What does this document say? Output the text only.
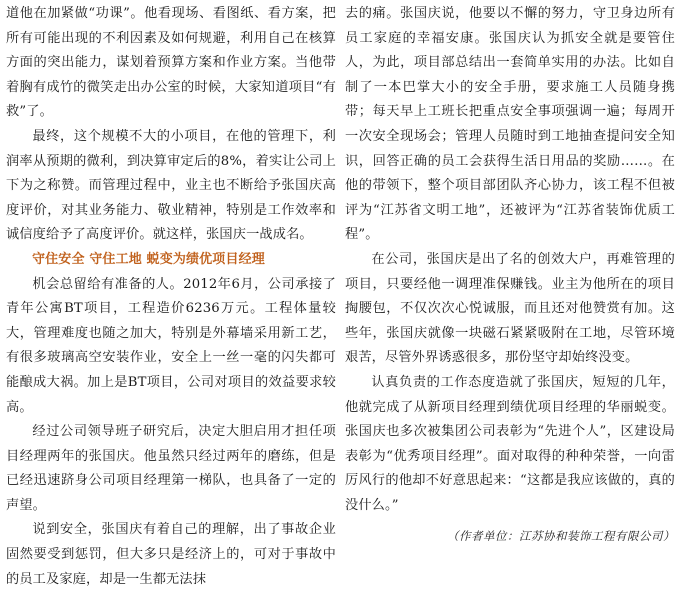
道他在加紧做“功课”。他看现场、看图纸、看方案，把所有可能出现的不利因素及如何规避，利用自己在核算方面的突出能力，谋划着预算方案和作业方案。当他带着胸有成竹的微笑走出办公室的时候，大家知道项目“有救”了。

最终，这个规模不大的小项目，在他的管理下，利润率从预期的微利，到决算审定后的8%，着实让公司上下为之称赞。而管理过程中，业主也不断给予张国庆高度评价，对其业务能力、敬业精神，特别是工作效率和诚信度给予了高度评价。就这样，张国庆一战成名。

守住安全 守住工地 蜕变为绩优项目经理

机会总留给有准备的人。2012年6月，公司承接了青年公寓BT项目，工程造价6236万元。工程体量较大，管理难度也随之加大，特别是外幕墙采用新工艺，有很多玻璃高空安装作业，安全上一丝一毫的闪失都可能酿成大祸。加上是BT项目，公司对项目的效益要求较高。

经过公司领导班子研究后，决定大胆启用才担任项目经理两年的张国庆。他虽然只经过两年的磨练，但是已经迅速跻身公司项目经理第一梯队，也具备了一定的声望。

说到安全，张国庆有着自己的理解，出了事故企业固然要受到惩罚，但大多只是经济上的，可对于事故中的员工及家庭，却是一生都无法抹

去的痛。张国庆说，他要以不懈的努力，守卫身边所有员工家庭的幸福安康。张国庆认为抓安全就是要管住人，为此，项目部总结出一套简单实用的办法。比如自制了一本巴掌大小的安全手册，要求施工人员随身携带；每天早上工班长把重点安全事项强调一遍；每周开一次安全现场会；管理人员随时到工地抽查提问安全知识，回答正确的员工会获得生活日用品的奖励……。在他的带领下，整个项目部团队齐心协力，该工程不但被评为“江苏省文明工地”，还被评为“江苏省装饰优质工程”。

在公司，张国庆是出了名的创效大户，再难管理的项目，只要经他一调理准保赚钱。业主为他所在的项目掏腰包，不仅次次心悦诚服，而且还对他赞赏有加。这些年，张国庆就像一块磁石紧紧吸附在工地，尽管环境艰苦，尽管外界诱惑很多，那份坚守却始终没变。

认真负责的工作态度造就了张国庆，短短的几年，他就完成了从新项目经理到绩优项目经理的华丽蜕变。张国庆也多次被集团公司表彰为“先进个人”，区建设局表彰为“优秀项目经理”。面对取得的种种荣誉，一向雷厉风行的他却不好意思起来：“这都是我应该做的，真的没什么。”

（作者单位：江苏协和装饰工程有限公司）
